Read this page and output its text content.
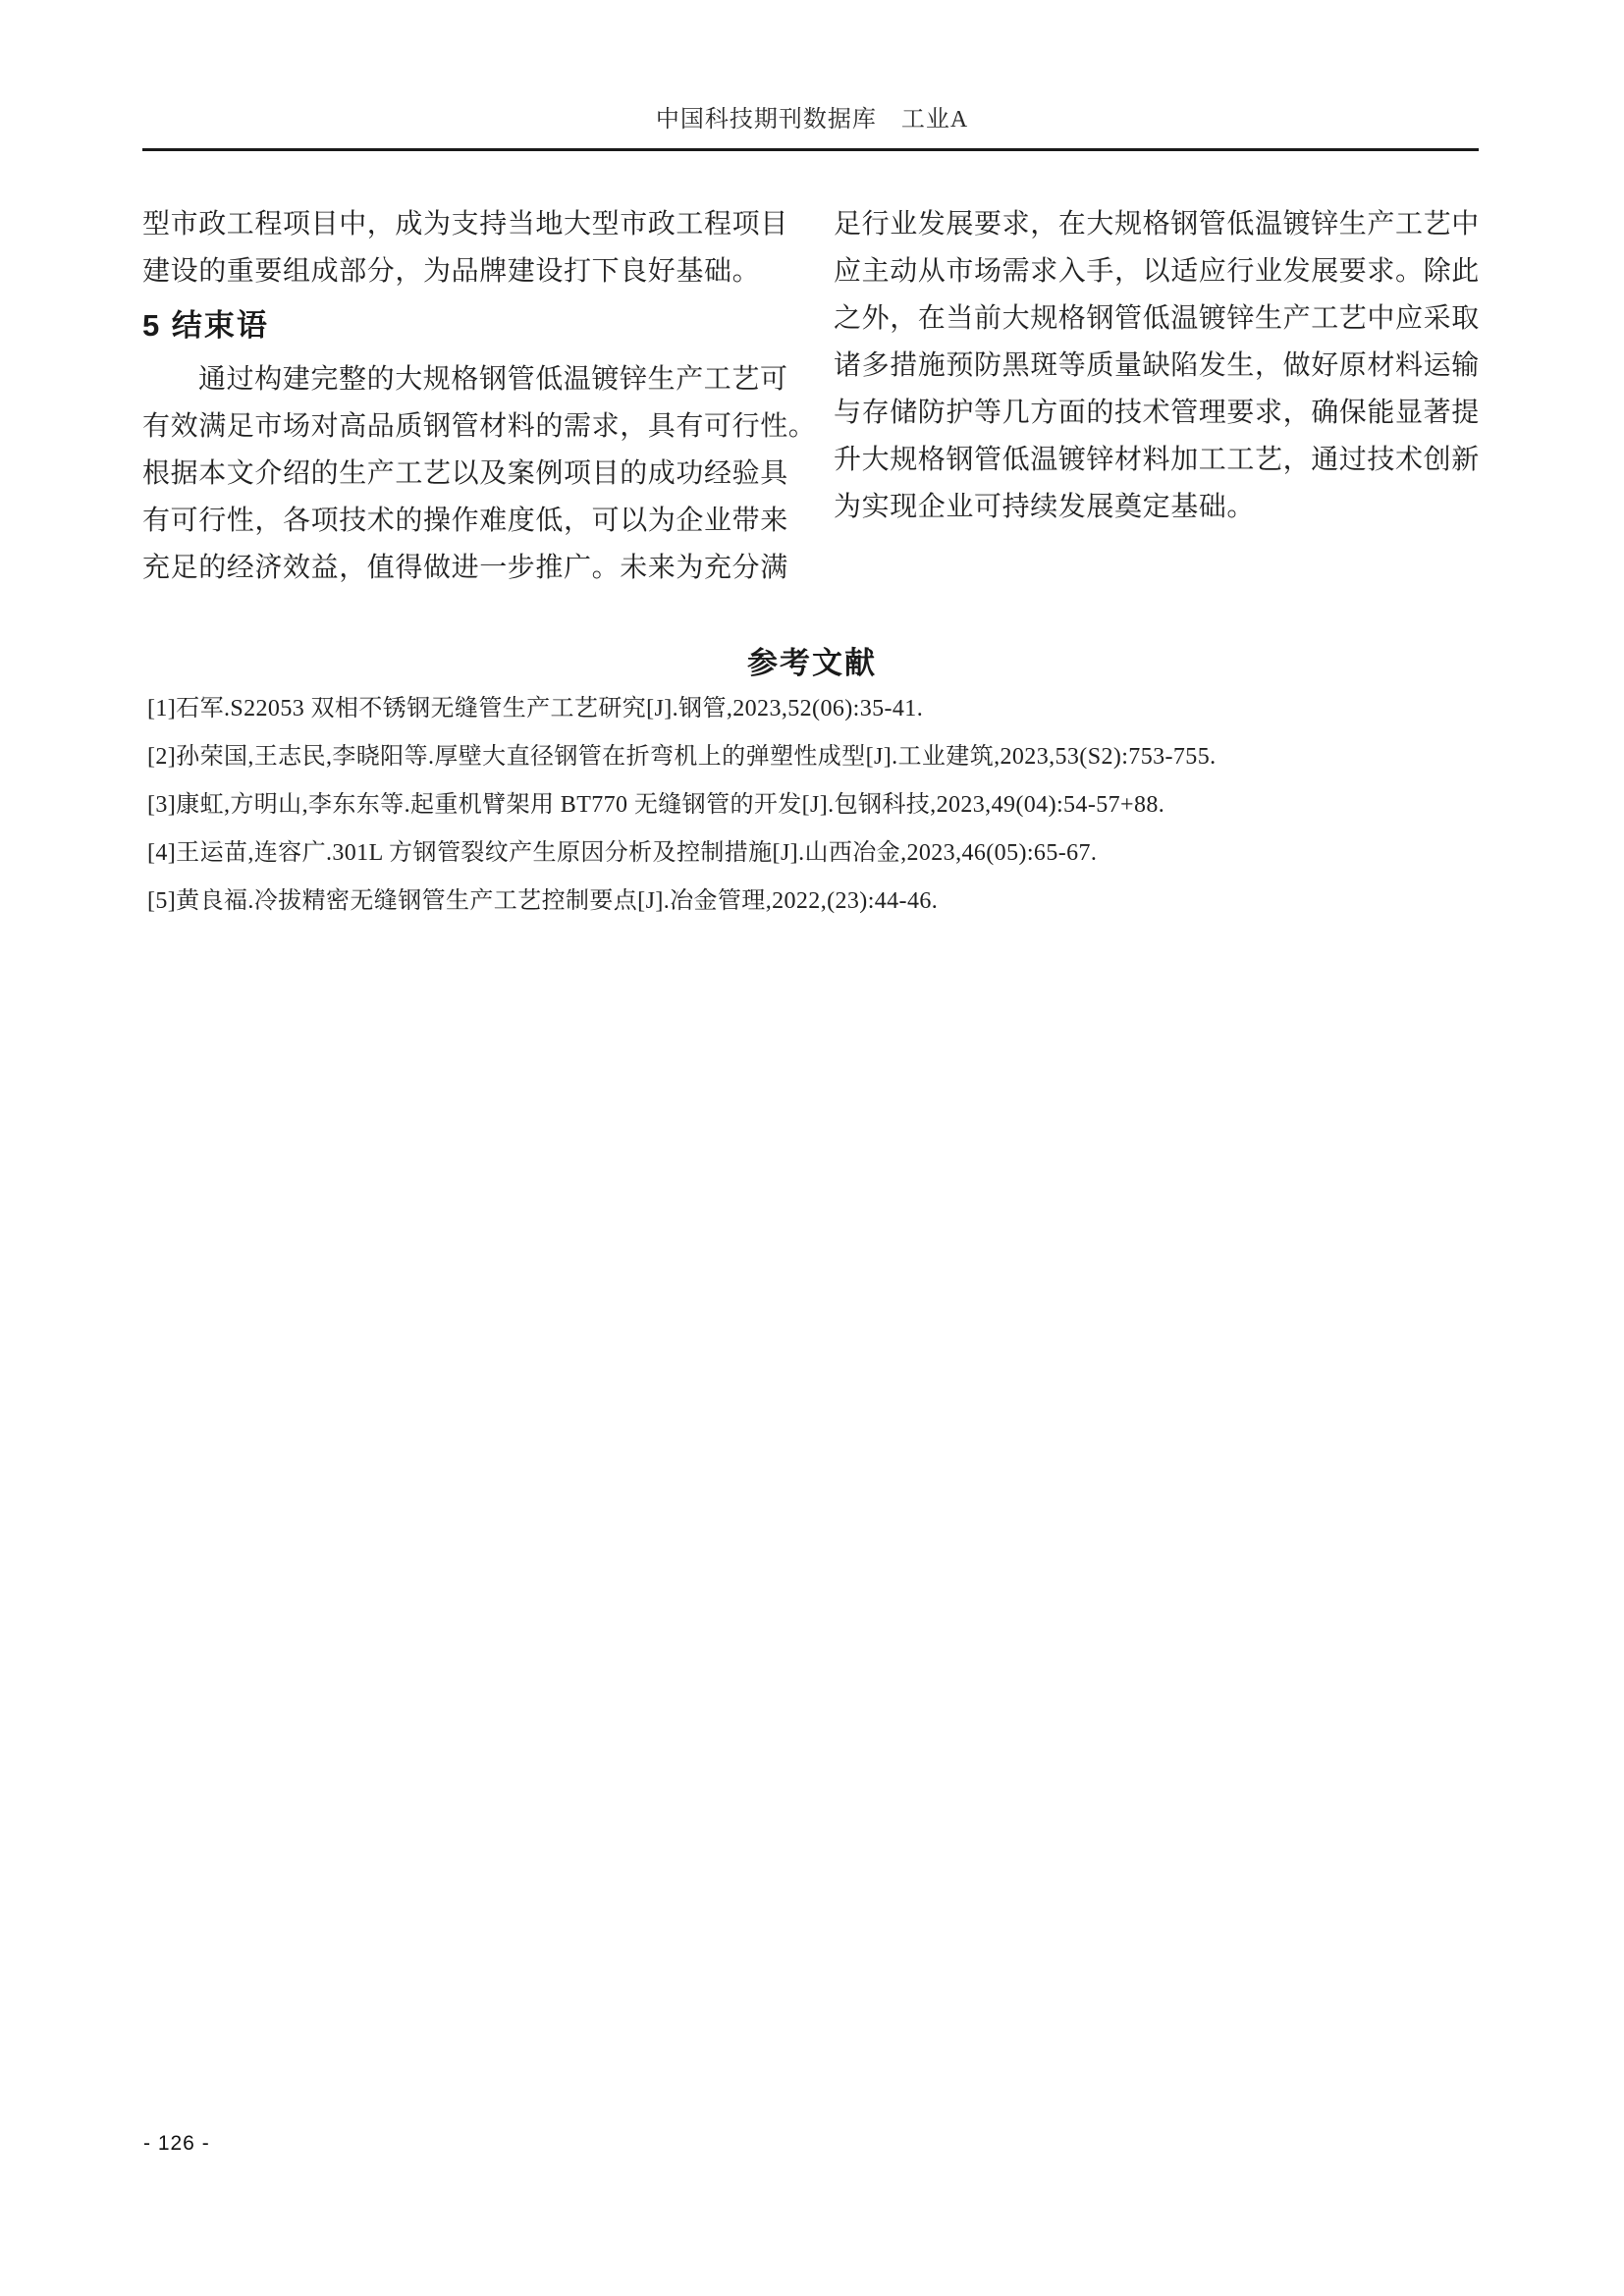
中国科技期刊数据库　工业A
型市政工程项目中，成为支持当地大型市政工程项目
建设的重要组成部分，为品牌建设打下良好基础。
5 结束语
通过构建完整的大规格钢管低温镀锌生产工艺可
有效满足市场对高品质钢管材料的需求，具有可行性。
根据本文介绍的生产工艺以及案例项目的成功经验具
有可行性，各项技术的操作难度低，可以为企业带来
充足的经济效益，值得做进一步推广。未来为充分满
足行业发展要求，在大规格钢管低温镀锌生产工艺中
应主动从市场需求入手，以适应行业发展要求。除此
之外，在当前大规格钢管低温镀锌生产工艺中应采取
诸多措施预防黑斑等质量缺陷发生，做好原材料运输
与存储防护等几方面的技术管理要求，确保能显著提
升大规格钢管低温镀锌材料加工工艺，通过技术创新
为实现企业可持续发展奠定基础。
参考文献
[1]石军.S22053 双相不锈钢无缝管生产工艺研究[J].钢管,2023,52(06):35-41.
[2]孙荣国,王志民,李晓阳等.厚壁大直径钢管在折弯机上的弹塑性成型[J].工业建筑,2023,53(S2):753-755.
[3]康虹,方明山,李东东等.起重机臂架用 BT770 无缝钢管的开发[J].包钢科技,2023,49(04):54-57+88.
[4]王运苗,连容广.301L 方钢管裂纹产生原因分析及控制措施[J].山西冶金,2023,46(05):65-67.
[5]黄良福.冷拔精密无缝钢管生产工艺控制要点[J].冶金管理,2022,(23):44-46.
- 126 -
